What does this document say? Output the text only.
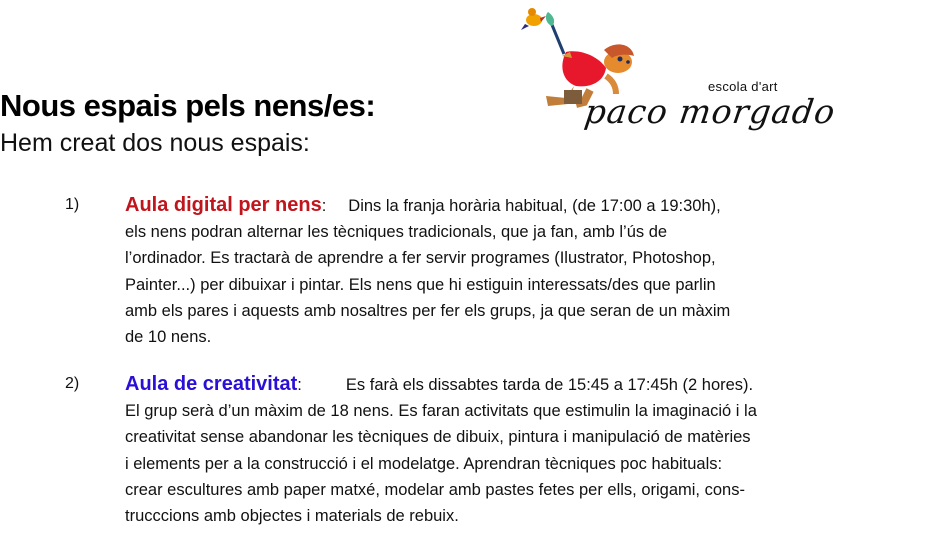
Nous espais pels nens/es:
Hem creat dos nous espais:
escola d'art
paco morgado
1) Aula digital per nens: Dins la franja horària habitual, (de 17:00 a 19:30h),
els nens podran alternar les tècniques tradicionals, que ja fan, amb l’ús de
l’ordinador. Es tractarà de aprendre a fer servir programes (Ilustrator, Photoshop,
Painter...) per dibuixar i pintar. Els nens que hi estiguin interessats/des que parlin
amb els pares i aquests amb nosaltres per fer els grups, ja que seran de un màxim
de 10 nens.
2) Aula de creativitat:	Es farà els dissabtes tarda de 15:45 a 17:45h (2 hores).
El grup serà d’un màxim de 18 nens. Es faran activitats que estimulin la imaginació i la
creativitat sense abandonar les tècniques de dibuix, pintura i manipulació de matèries
i elements per a la construcció i el modelatge. Aprendran tècniques poc habituals:
crear escultures amb paper matxé, modelar amb pastes fetes per ells, origami, cons-
trucccions amb objectes i materials de rebuix.
